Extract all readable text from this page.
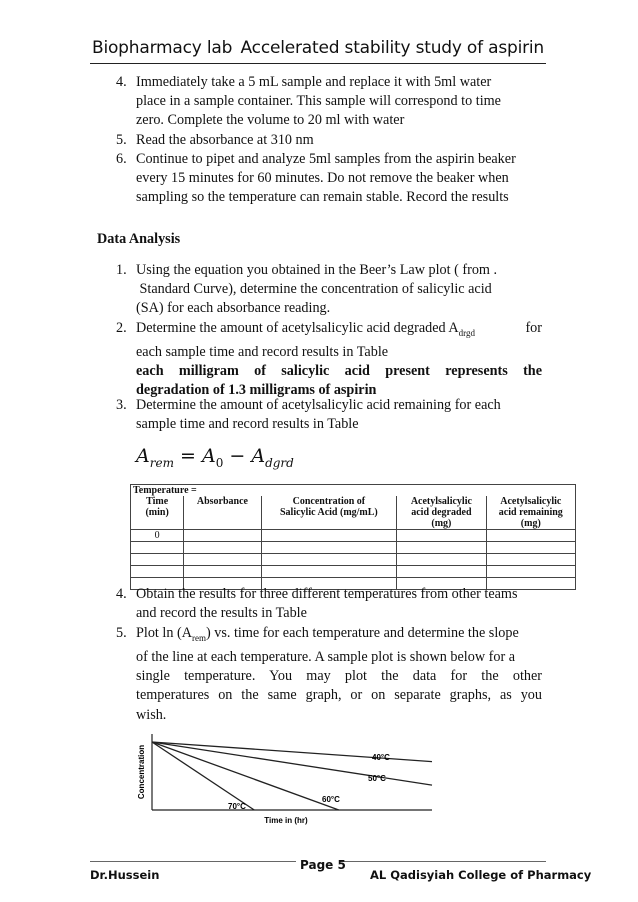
Biopharmacy lab Accelerated stability study of aspirin
4. Immediately take a 5 mL sample and replace it with 5ml water
place in a sample container. This sample will correspond to time
zero. Complete the volume to 20 ml with water
5. Read the absorbance at 310 nm
6. Continue to pipet and analyze 5ml samples from the aspirin beaker
every 15 minutes for 60 minutes. Do not remove the beaker when
sampling so the temperature can remain stable. Record the results
Data Analysis
1. Using the equation you obtained in the Beer’s Law plot ( from .
Standard Curve), determine the concentration of salicylic acid
(SA) for each absorbance reading.
2. Determine the amount of acetylsalicylic acid degraded $A_{drgd}$	for
each sample time and record results in Table
each milligram of salicylic acid present represents the
degradation of 1.3 milligrams of aspirin
3. Determine the amount of acetylsalicylic acid remaining for each
sample time and record results in Table
$A_{rem} = A_0 - A_{dgrd}$
Temperature =				
Time	Absorbance	Concentration of	Acetylsalicylic	Acetylsalicylic
(min)		Salicylic Acid (mg/mL)	acid degraded	acid remaining
			(mg)	(mg)
0				

4. Obtain the results for three different temperatures from other teams
and record the results in Table
5. Plot $\ln (A_{rem})$ vs. time for each temperature and determine the slope
of the line at each temperature. A sample plot is shown below for a
single temperature. You may plot the data for the other
temperatures on the same graph, or on separate graphs, as you
wish.
Concentration
Time in (hr)
40°C
50°C
60°C
70°C
Dr.Hussein
Page 5
AL Qadisyiah College of Pharmacy
